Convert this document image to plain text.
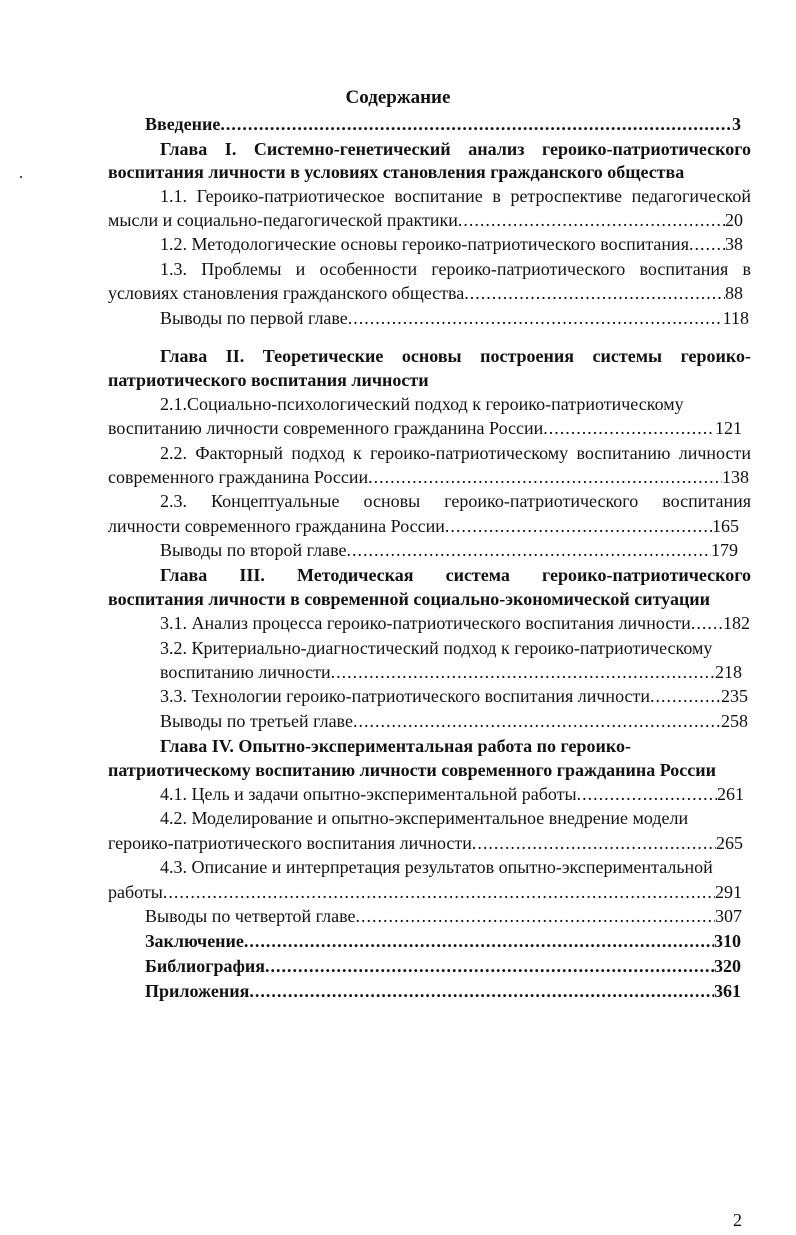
Содержание
Введение .....	3
Глава I. Системно-генетический анализ героико-патриотического
воспитания личности в условиях становления гражданского общества
1.1. Героико-патриотическое воспитание в ретроспективе педагогической
мысли и социально-педагогической практики .....	20
1.2. Методологические основы героико-патриотического воспитания ..... 38
1.3. Проблемы и особенности героико-патриотического воспитания в
условиях становления гражданского общества .....	88
Выводы по первой главе .....	118
Глава II. Теоретические основы построения системы героико-
патриотического воспитания личности
2.1.Социально-психологический подход к героико-патриотическому
воспитанию личности современного гражданина России .....	121
2.2. Факторный подход к героико-патриотическому воспитанию личности
современного гражданина России .....	138
2.3. Концептуальные основы героико-патриотического воспитания
личности современного гражданина России .....	165
Выводы по второй главе .....	179
Глава III. Методическая система героико-патриотического
воспитания личности в современной социально-экономической ситуации
3.1. Анализ процесса героико-патриотического воспитания личности ..... 182
3.2. Критериально-диагностический подход к героико-патриотическому
воспитанию личности .....	218
3.3. Технологии героико-патриотического воспитания личности .....	235
Выводы по третьей главе .....	258
Глава IV. Опытно-экспериментальная работа по героико-
патриотическому воспитанию личности современного гражданина России
4.1. Цель и задачи опытно-экспериментальной работы .....	261
4.2. Моделирование и опытно-экспериментальное внедрение модели
героико-патриотического воспитания личности .....	265
4.3. Описание и интерпретация результатов опытно-экспериментальной
работы .....	291
Выводы по четвертой главе .....	307
Заключение .....	310
Библиография .....	320
Приложения .....	361
2
